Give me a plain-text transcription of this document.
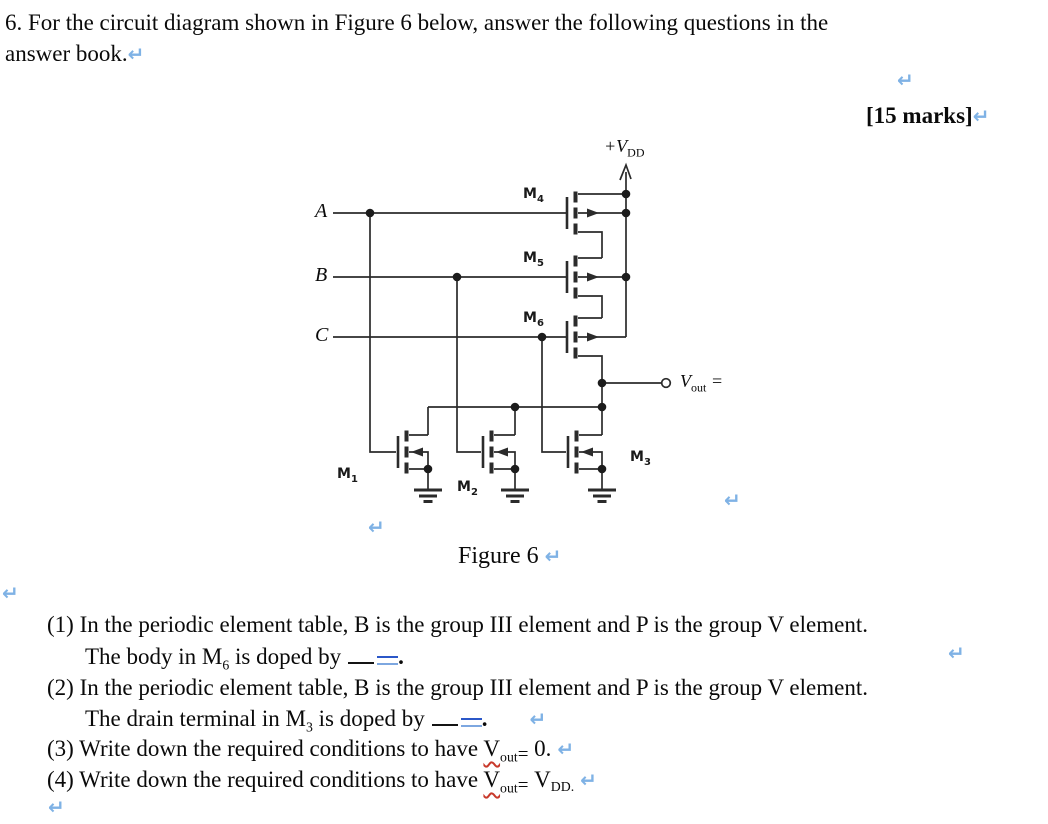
A
B
C
$M_4$
$M_5$
$M_6$
$M_1$	$M_2$
$M_3$
$+V_{DD}$
$V_{out}$ =
6. For the circuit diagram shown in Figure 6 below, answer the following questions in the
answer book.↵
↵
[15 marks]↵
↵
↵
Figure 6 ↵
↵
(1) In the periodic element table, B is the group III element and P is the group V element.
The body in $M_6$ is doped by .	↵
(2) In the periodic element table, B is the group III element and P is the group V element.
The drain terminal in $M_3$ is doped by . ↵
(3) Write down the required conditions to have $V_{out}= 0$. ↵
(4) Write down the required conditions to have $V_{out}= V_{DD.}$ ↵
↵
